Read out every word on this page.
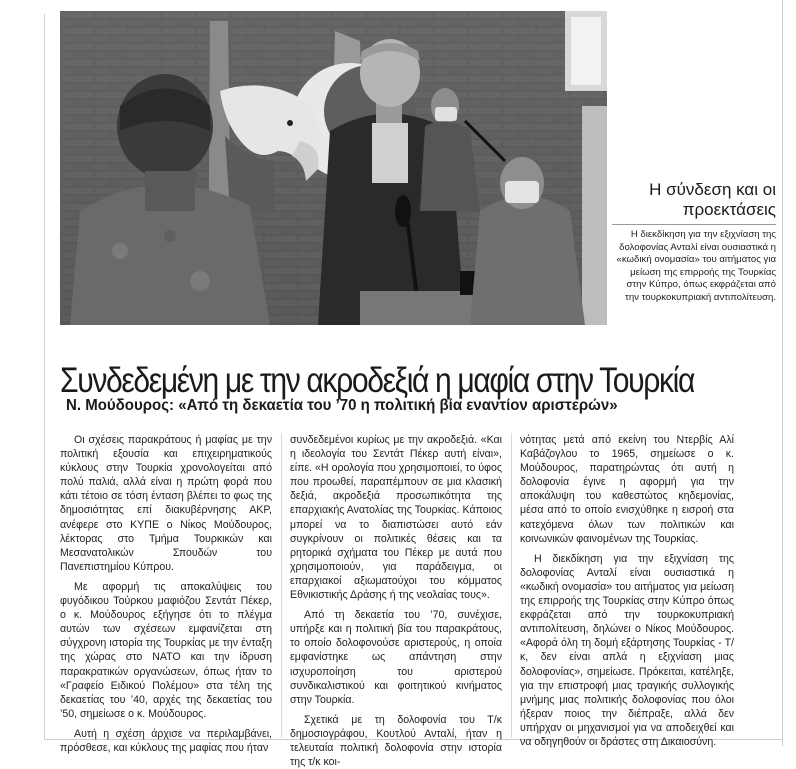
Η σύνδεση και οι προεκτάσεις
Η διεκδίκηση για την εξιχνίαση της δολοφονίας Ανταλί είναι ουσιαστικά η «κωδική ονομασία» του αιτήματος για μείωση της επιρροής της Τουρκίας στην Κύπρο, όπως εκφράζεται από την τουρκοκυπριακή αντιπολίτευση.
Συνδεδεμένη με την ακροδεξιά η μαφία στην Τουρκία
Ν. Μούδουρος: «Από τη δεκαετία του ’70 η πολιτική βία εναντίον αριστερών»

Οι σχέσεις παρακράτους ή μαφίας με την πολιτική εξουσία και επιχειρηματικούς κύκλους στην Τουρκία χρονολογείται από πολύ παλιά, αλλά είναι η πρώτη φορά που κάτι τέτοιο σε τόση ένταση βλέπει το φως της δημοσιότητας επί διακυβέρνησης ΑΚΡ, ανέφερε στο ΚΥΠΕ ο Νίκος Μούδουρος, λέκτορας στο Τμήμα Τουρκικών και Μεσανατολικών Σπουδών του Πανεπιστημίου Κύπρου.

Με αφορμή τις αποκαλύψεις του φυγόδικου Τούρκου μαφιόζου Σεντάτ Πέκερ, ο κ. Μούδουρος εξήγησε ότι το πλέγμα αυτών των σχέσεων εμφανίζεται στη σύγχρονη ιστορία της Τουρκίας με την ένταξη της χώρας στο ΝΑΤΟ και την ίδρυση παρακρατικών οργανώσεων, όπως ήταν το «Γραφείο Ειδικού Πολέμου» στα τέλη της δεκαετίας του ’40, αρχές της δεκαετίας του ’50, σημείωσε ο κ. Μούδουρος.

Αυτή η σχέση άρχισε να περιλαμβάνει, πρόσθεσε, και κύκλους της μαφίας που ήταν

συνδεδεμένοι κυρίως με την ακροδεξιά. «Και η ιδεολογία του Σεντάτ Πέκερ αυτή είναι», είπε. «Η ορολογία που χρησιμοποιεί, το ύφος που προωθεί, παραπέμπουν σε μια κλασική δεξιά, ακροδεξιά προσωπικότητα της επαρχιακής Ανατολίας της Τουρκίας. Κάποιος μπορεί να το διαπιστώσει αυτό εάν συγκρίνουν οι πολιτικές θέσεις και τα ρητορικά σχήματα του Πέκερ με αυτά που χρησιμοποιούν, για παράδειγμα, οι επαρχιακοί αξιωματούχοι του κόμματος Εθνικιστικής Δράσης ή της νεολαίας τους».

Από τη δεκαετία του ’70, συνέχισε, υπήρξε και η πολιτική βία του παρακράτους, το οποίο δολοφονούσε αριστερούς, η οποία εμφανίστηκε ως απάντηση στην ισχυροποίηση του αριστερού συνδικαλιστικού και φοιτητικού κινήματος στην Τουρκία.

Σχετικά με τη δολοφονία του Τ/κ δημοσιογράφου, Κουτλού Ανταλί, ήταν η τελευταία πολιτική δολοφονία στην ιστορία της τ/κ κοι-

νότητας μετά από εκείνη του Ντερβίς Αλί Καβάζογλου το 1965, σημείωσε ο κ. Μούδουρος, παρατηρώντας ότι αυτή η δολοφονία έγινε η αφορμή για την αποκάλυψη του καθεστώτος κηδεμονίας, μέσα από το οποίο ενισχύθηκε η εισροή στα κατεχόμενα όλων των πολιτικών και κοινωνικών φαινομένων της Τουρκίας.

Η διεκδίκηση για την εξιχνίαση της δολοφονίας Ανταλί είναι ουσιαστικά η «κωδική ονομασία» του αιτήματος για μείωση της επιρροής της Τουρκίας στην Κύπρο όπως εκφράζεται από την τουρκοκυπριακή αντιπολίτευση, δηλώνει ο Νίκος Μούδουρος. «Αφορά όλη τη δομή εξάρτησης Τουρκίας - Τ/κ, δεν είναι απλά η εξιχνίαση μιας δολοφονίας», σημείωσε. Πρόκειται, κατέληξε, για την επιστροφή μιας τραγικής συλλογικής μνήμης μιας πολιτικής δολοφονίας που όλοι ήξεραν ποιος την διέπραξε, αλλά δεν υπήρχαν οι μηχανισμοί για να αποδειχθεί και να οδηγηθούν οι δράστες στη Δικαιοσύνη.
